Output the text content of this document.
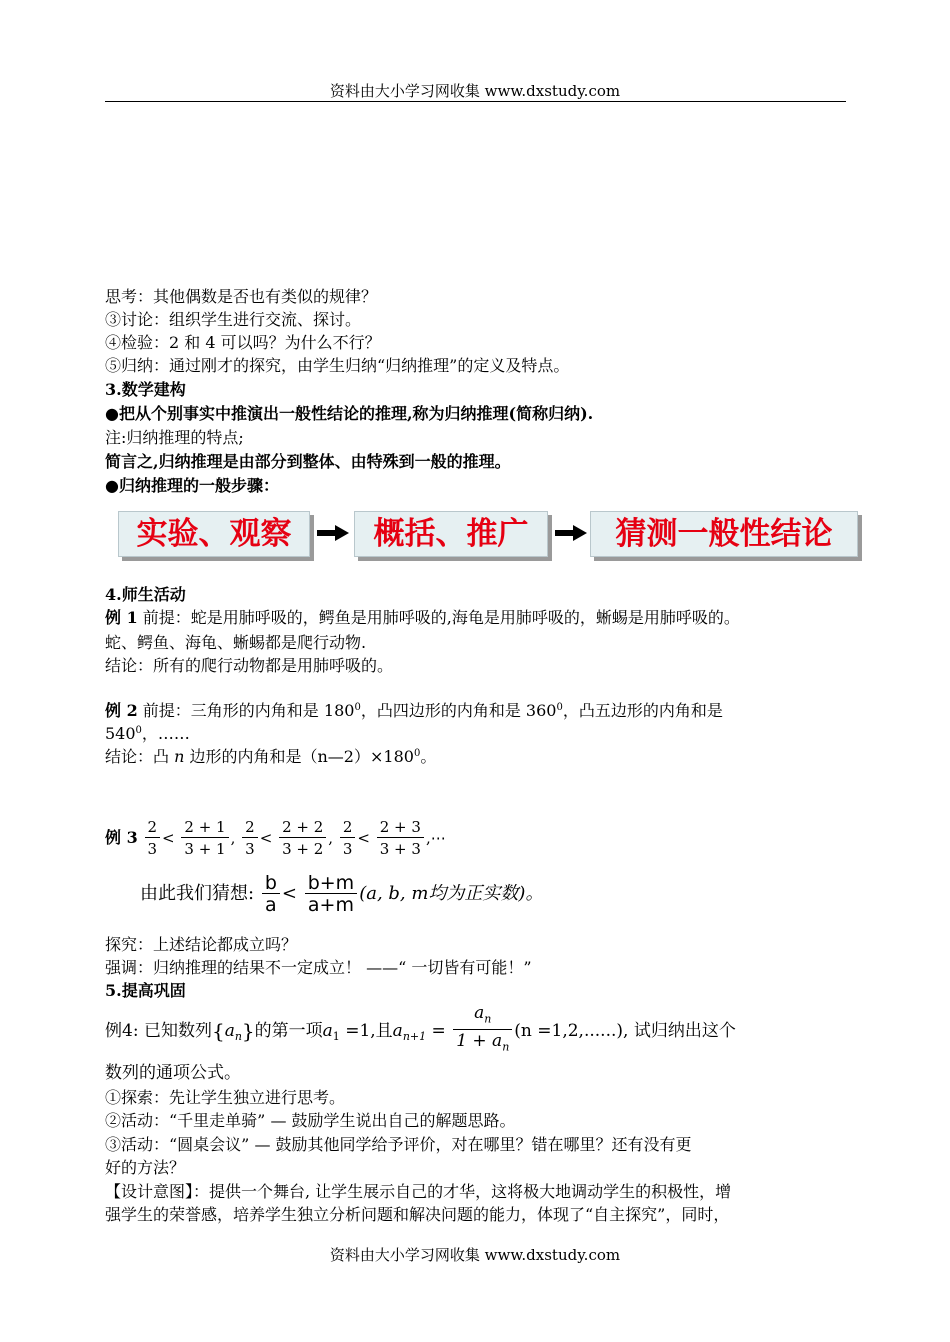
资料由大小学习网收集 www.dxstudy.com
思考：其他偶数是否也有类似的规律？
③讨论：组织学生进行交流、探讨。
④检验：2 和 4 可以吗？为什么不行？
⑤归纳：通过刚才的探究，由学生归纳“归纳推理”的定义及特点。
3.数学建构
●把从个别事实中推演出一般性结论的推理,称为归纳推理(简称归纳).
注:归纳推理的特点;
简言之,归纳推理是由部分到整体、由特殊到一般的推理。
●归纳推理的一般步骤：
实验、观察	概括、推广	猜测一般性结论
4.师生活动
例 1 前提：蛇是用肺呼吸的，鳄鱼是用肺呼吸的,海龟是用肺呼吸的，蜥蜴是用肺呼吸的。
蛇、鳄鱼、海龟、蜥蜴都是爬行动物.
结论：所有的爬行动物都是用肺呼吸的。
例 2 前提：三角形的内角和是 $180^0$，凸四边形的内角和是 $360^0$，凸五边形的内角和是
$540^0$，……
结论：凸 n 边形的内角和是$(n—2)\times 180^0$。
例 $3 \frac{2}{3} < \frac{2 + 1}{3 + 1}$ , $\frac{2}{3} < \frac{2 + 2}{3 + 2}$ , $\frac{2}{3} < \frac{2 + 3}{3 + 3}$ ,⋯
由此我们猜想: $\frac{b}{a} < \frac{b+m}{a+m} (a$, b, m均为正实数)。
探究：上述结论都成立吗？
强调：归纳推理的结果不一定成立！ ——“ 一切皆有可能！”
5.提高巩固
例4: 已知数列$\{a_n\}$的第一项$a_1 =1$,且$a_{n+1} = \frac{a_n}{1 + a_n} (n =1,2,......)$, 试归纳出这个
数列的通项公式。
①探索：先让学生独立进行思考。
②活动：“千里走单骑” — 鼓励学生说出自己的解题思路。
③活动：“圆桌会议” — 鼓励其他同学给予评价，对在哪里？错在哪里？还有没有更
好的方法？
【设计意图】：提供一个舞台, 让学生展示自己的才华，这将极大地调动学生的积极性，增
强学生的荣誉感，培养学生独立分析问题和解决问题的能力，体现了“自主探究”，同时，
资料由大小学习网收集 www.dxstudy.com
